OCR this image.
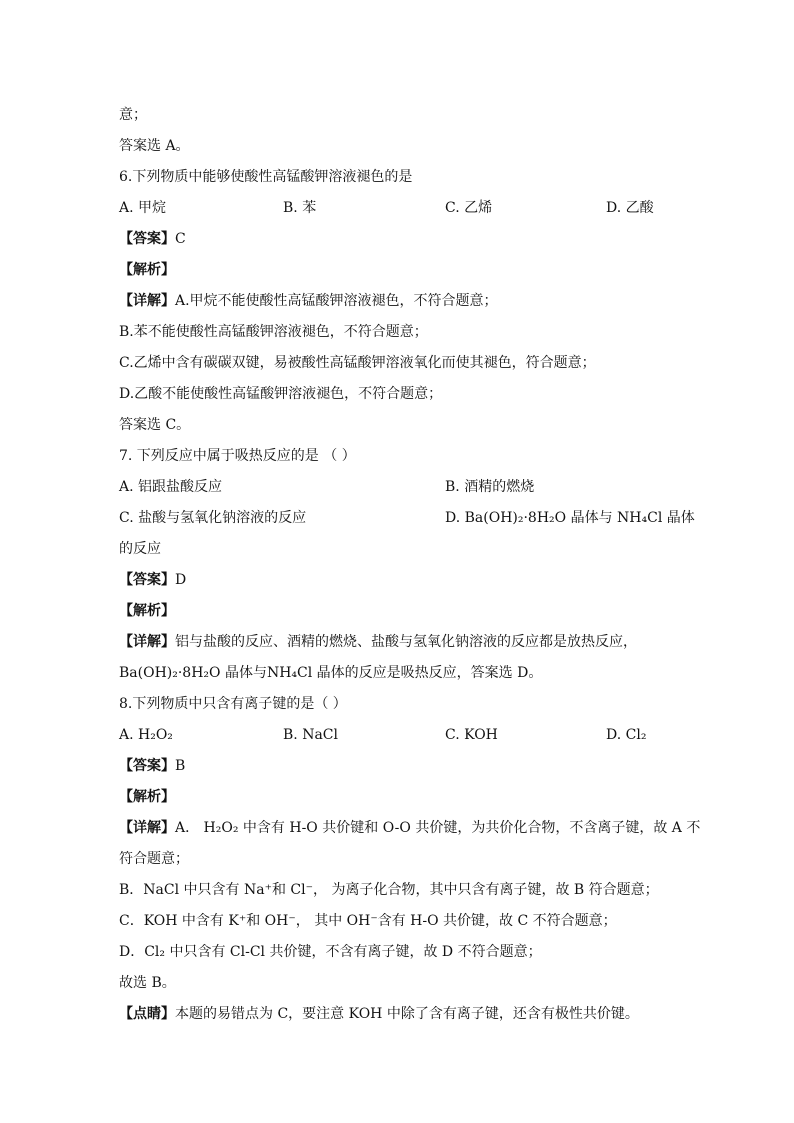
意；
答案选 A。
6.下列物质中能够使酸性高锰酸钾溶液褪色的是
A. 甲烷	B. 苯	C. 乙烯	D. 乙酸
【答案】C
【解析】
【详解】A.甲烷不能使酸性高锰酸钾溶液褪色，不符合题意；
B.苯不能使酸性高锰酸钾溶液褪色，不符合题意；
C.乙烯中含有碳碳双键，易被酸性高锰酸钾溶液氧化而使其褪色，符合题意；
D.乙酸不能使酸性高锰酸钾溶液褪色，不符合题意；
答案选 C。
7. 下列反应中属于吸热反应的是 （ ）
A. 铝跟盐酸反应	B. 酒精的燃烧
C. 盐酸与氢氧化钠溶液的反应	D. Ba(OH)₂·8H₂O 晶体与 NH₄Cl 晶体
的反应
【答案】D
【解析】
【详解】铝与盐酸的反应、酒精的燃烧、盐酸与氢氧化钠溶液的反应都是放热反应，
Ba(OH)₂·8H₂O 晶体与NH₄Cl 晶体的反应是吸热反应，答案选 D。
8.下列物质中只含有离子键的是（ ）
A. H₂O₂	B. NaCl	C. KOH	D. Cl₂
【答案】B
【解析】
【详解】A． H₂O₂ 中含有 H-O 共价键和 O-O 共价键，为共价化合物，不含离子键，故 A 不
符合题意；
B．NaCl 中只含有 Na⁺和 Cl⁻， 为离子化合物，其中只含有离子键，故 B 符合题意；
C．KOH 中含有 K⁺和 OH⁻， 其中 OH⁻含有 H-O 共价键，故 C 不符合题意；
D．Cl₂ 中只含有 Cl-Cl 共价键，不含有离子键，故 D 不符合题意；
故选 B。
【点睛】本题的易错点为 C，要注意 KOH 中除了含有离子键，还含有极性共价键。
